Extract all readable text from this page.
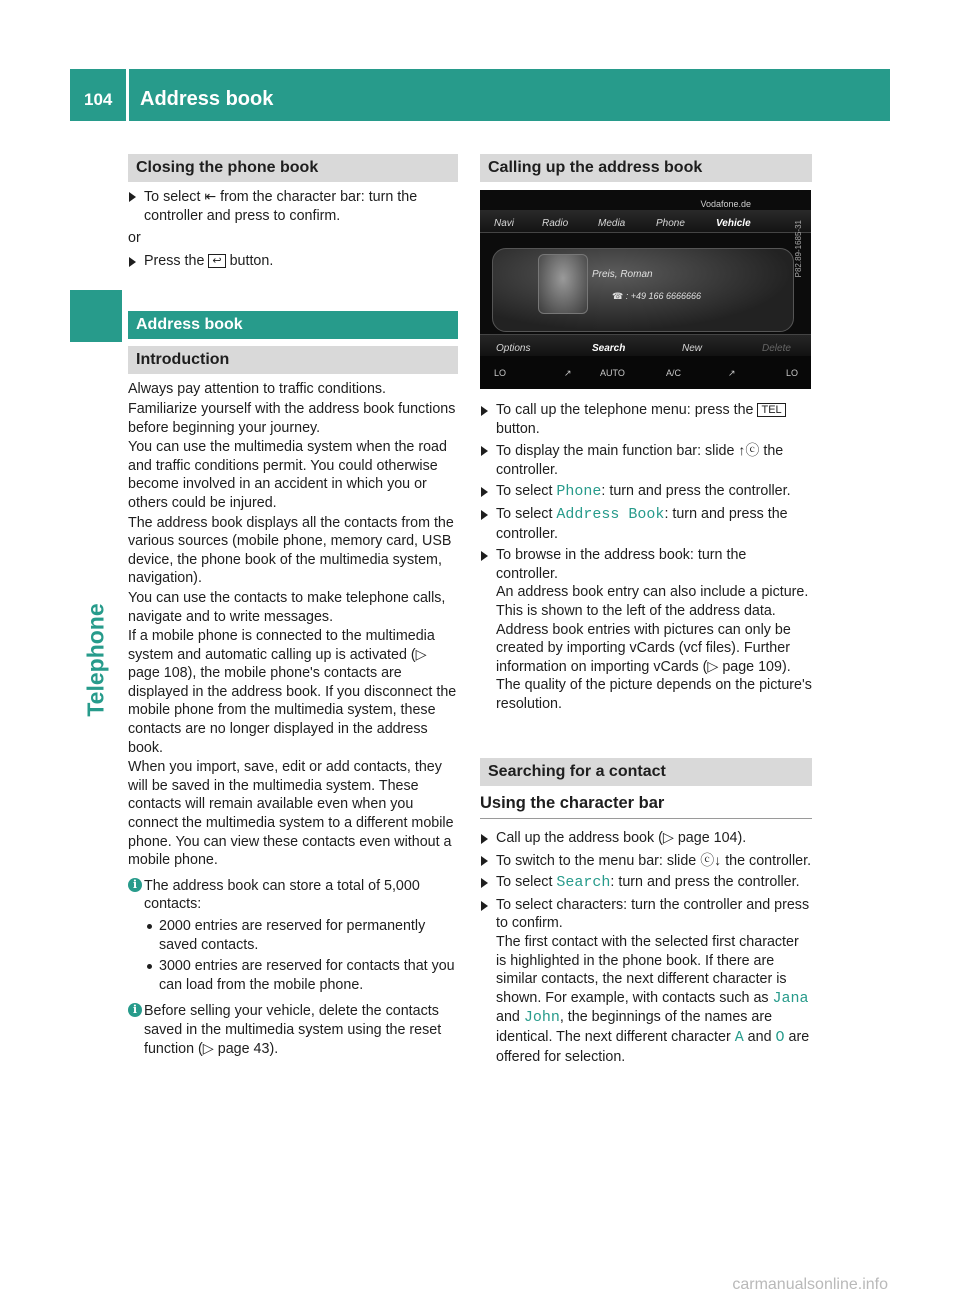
104 Address book
Telephone
Closing the phone book

To select ⇤ from the character bar: turn the controller and press to confirm.

or

Press the ↩ button.

Address book
Introduction

Always pay attention to traffic conditions.

Familiarize yourself with the address book functions before beginning your journey.

You can use the multimedia system when the road and traffic conditions permit. You could otherwise become involved in an accident in which you or others could be injured.

The address book displays all the contacts from the various sources (mobile phone, memory card, USB device, the phone book of the multimedia system, navigation).

You can use the contacts to make telephone calls, navigate and to write messages.

If a mobile phone is connected to the multimedia system and automatic calling up is activated (▷ page 108), the mobile phone's contacts are displayed in the address book. If you disconnect the mobile phone from the multimedia system, these contacts are no longer displayed in the address book.

When you import, save, edit or add contacts, they will be saved in the multimedia system. These contacts will remain available even when you connect the multimedia system to a different mobile phone. You can view these contacts even without a mobile phone.

i The address book can store a total of 5,000 contacts:

2000 entries are reserved for permanently saved contacts.

3000 entries are reserved for contacts that you can load from the mobile phone.

i Before selling your vehicle, delete the contacts saved in the multimedia system using the reset function (▷ page 43).

Calling up the address book
Vodafone.de
Navi	Radio	Media	Phone	Vehicle
Preis, Roman
☎ : +49 166 6666666
Options	Search	New	Delete
LO	↗	AUTO	A/C	↗	LO
P82.89-1685-31

To call up the telephone menu: press the TEL button.

To display the main function bar: slide ↑ⓒ the controller.

To select Phone: turn and press the controller.

To select Address Book: turn and press the controller.

To browse in the address book: turn the controller.
An address book entry can also include a picture. This is shown to the left of the address data. Address book entries with pictures can only be created by importing vCards (vcf files). Further information on importing vCards (▷ page 109). The quality of the picture depends on the picture's resolution.

Searching for a contact

Using the character bar

Call up the address book (▷ page 104).

To switch to the menu bar: slide ⓒ↓ the controller.

To select Search: turn and press the controller.

To select characters: turn the controller and press to confirm.
The first contact with the selected first character is highlighted in the phone book. If there are similar contacts, the next different character is shown. For example, with contacts such as Jana and John, the beginnings of the names are identical. The next different character A and O are offered for selection.

carmanualsonline.info
